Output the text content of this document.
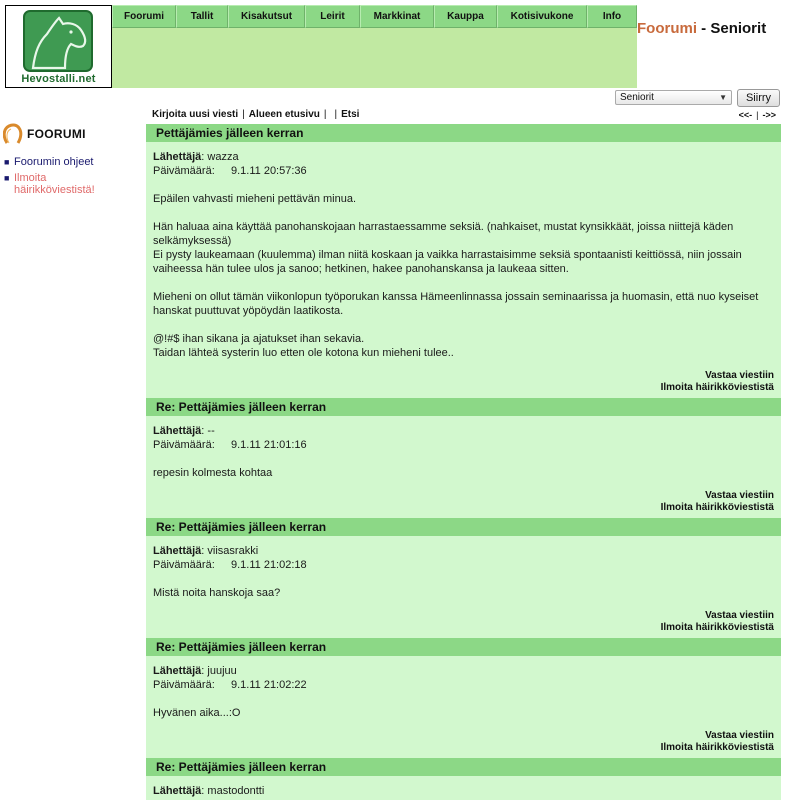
Hevostalli.net
Foorumi	Tallit	Kisakutsut	Leirit	Markkinat	Kauppa	Kotisivukone	Info
Foorumi - Seniorit
Seniorit	▼	Siirry
Kirjoita uusi viesti | Alueen etusivu | | Etsi	<<- | ->>
FOORUMI
■ Foorumin ohjeet
■ Ilmoita häirikköviestistä!
Pettäjämies jälleen kerran
Lähettäjä: wazza
Päivämäärä: 9.1.11 20:57:36

Epäilen vahvasti mieheni pettävän minua.

Hän haluaa aina käyttää panohanskojaan harrastaessamme seksiä. (nahkaiset, mustat kynsikkäät, joissa niittejä käden selkämyksessä)

Ei pysty laukeamaan (kuulemma) ilman niitä koskaan ja vaikka harrastaisimme seksiä spontaanisti keittiössä, niin jossain vaiheessa hän tulee ulos ja sanoo; hetkinen, hakee panohanskansa ja laukeaa sitten.

Mieheni on ollut tämän viikonlopun työporukan kanssa Hämeenlinnassa jossain seminaarissa ja huomasin, että nuo kyseiset hanskat puuttuvat yöpöydän laatikosta.

@!#$ ihan sikana ja ajatukset ihan sekavia.

Taidan lähteä systerin luo etten ole kotona kun mieheni tulee..

Vastaa viestiin
Ilmoita häirikköviestistä
Re: Pettäjämies jälleen kerran
Lähettäjä: --
Päivämäärä: 9.1.11 21:01:16

repesin kolmesta kohtaa

Vastaa viestiin
Ilmoita häirikköviestistä
Re: Pettäjämies jälleen kerran
Lähettäjä: viisasrakki
Päivämäärä: 9.1.11 21:02:18

Mistä noita hanskoja saa?

Vastaa viestiin
Ilmoita häirikköviestistä
Re: Pettäjämies jälleen kerran
Lähettäjä: juujuu
Päivämäärä: 9.1.11 21:02:22

Hyvänen aika...:O

Vastaa viestiin
Ilmoita häirikköviestistä
Re: Pettäjämies jälleen kerran
Lähettäjä: mastodontti
